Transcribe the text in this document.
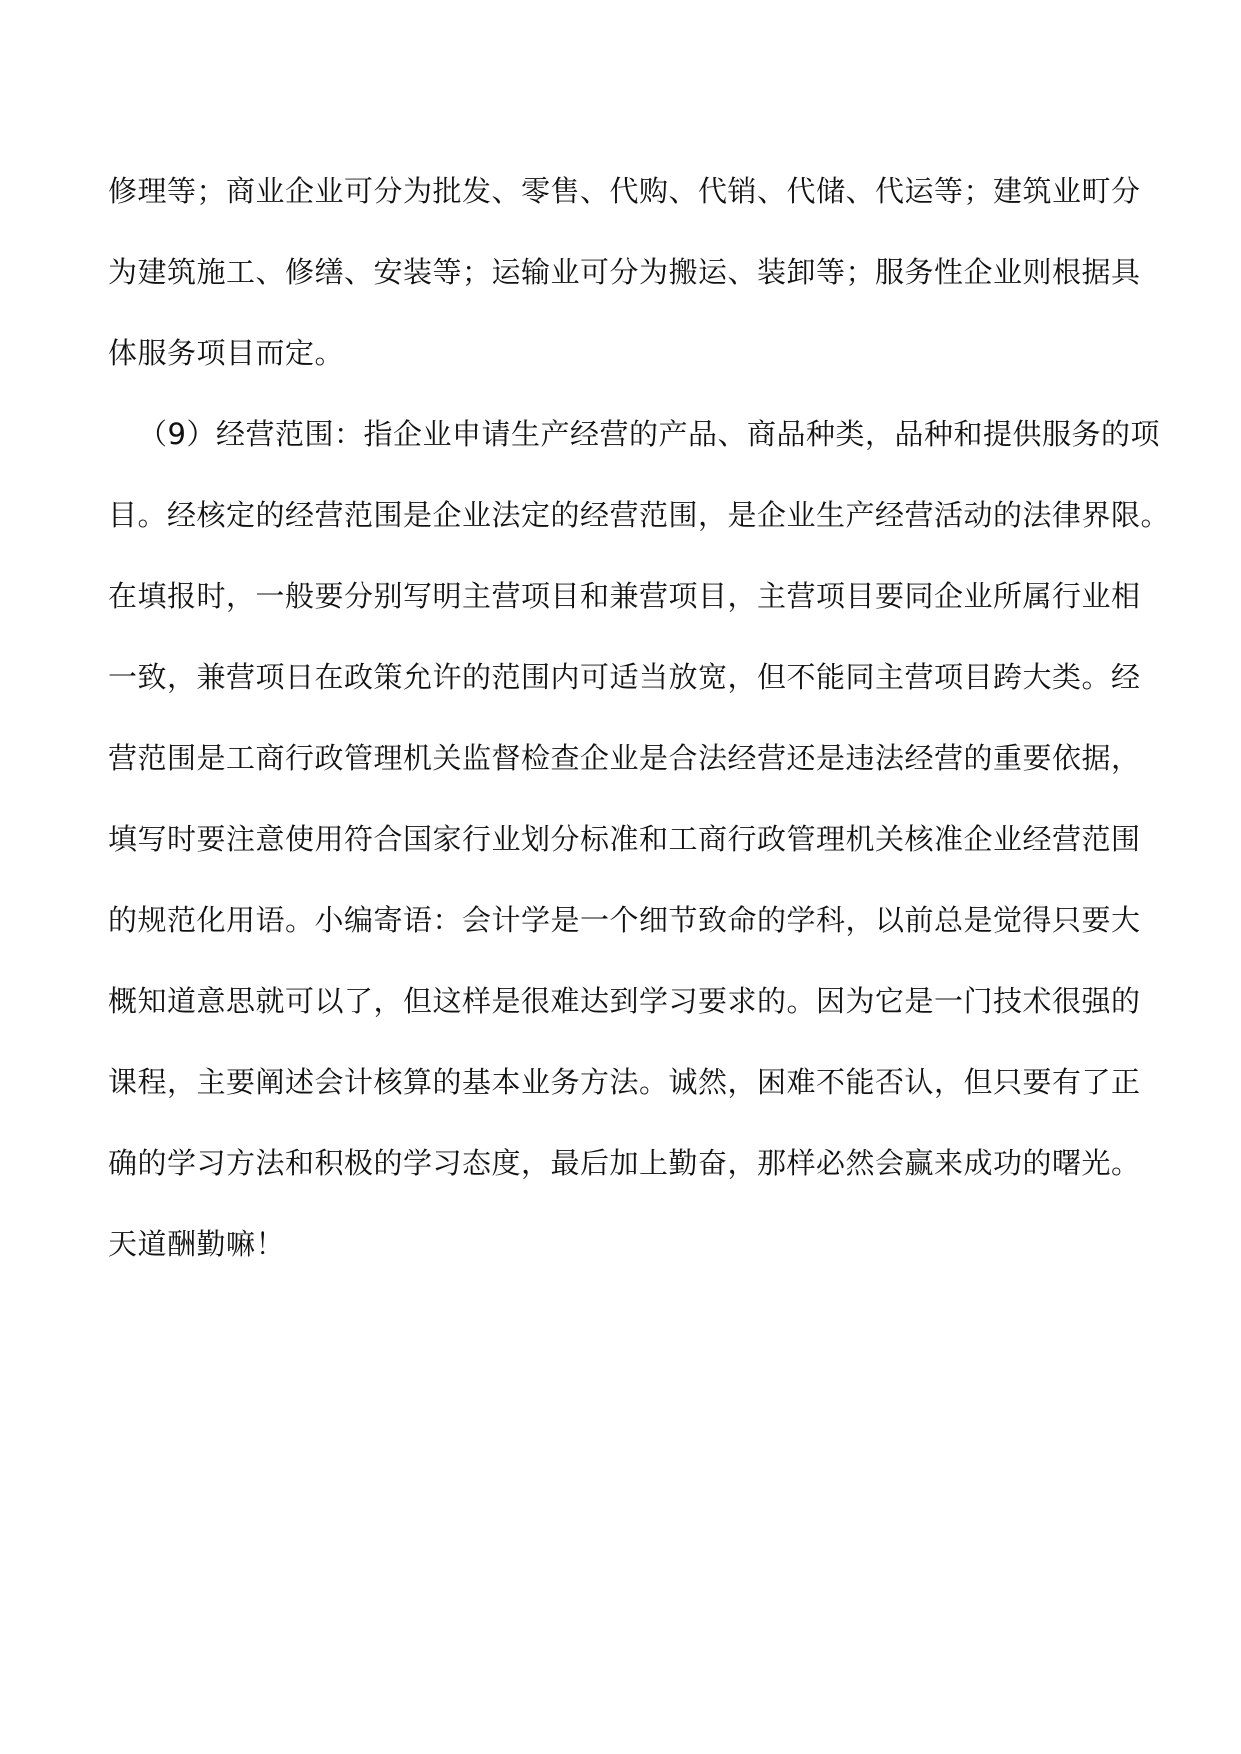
修理等；商业企业可分为批发、零售、代购、代销、代储、代运等；建筑业町分
为建筑施工、修缮、安装等；运输业可分为搬运、装卸等；服务性企业则根据具
体服务项目而定。
（9）经营范围：指企业申请生产经营的产品、商品种类，品种和提供服务的项
目。经核定的经营范围是企业法定的经营范围，是企业生产经营活动的法律界限。
在填报时，一般要分别写明主营项目和兼营项目，主营项目要同企业所属行业相
一致，兼营项日在政策允许的范围内可适当放宽，但不能同主营项目跨大类。经
营范围是工商行政管理机关监督检查企业是合法经营还是违法经营的重要依据，
填写时要注意使用符合国家行业划分标准和工商行政管理机关核准企业经营范围
的规范化用语。小编寄语：会计学是一个细节致命的学科，以前总是觉得只要大
概知道意思就可以了，但这样是很难达到学习要求的。因为它是一门技术很强的
课程，主要阐述会计核算的基本业务方法。诚然，困难不能否认，但只要有了正
确的学习方法和积极的学习态度，最后加上勤奋，那样必然会赢来成功的曙光。
天道酬勤嘛！
